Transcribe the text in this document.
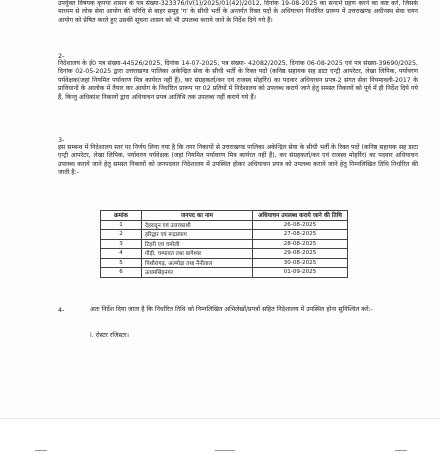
उपर्युक्त विषयक कृपया शासन के पत्र संख्या-323376/IV(1)/2025/01(42)/2012, दिनांक 19-08-2025 का सन्दर्भ ग्रहण करने का कष्ट करें, जिसके माध्यम से लोक सेवा आयोग की परिधि से बाहर समूह 'ग' के सीधी भर्ती के अन्तर्गत रिक्त पदों के अधियाचन निर्धारित प्रारूप में उत्तराखण्ड अधीनस्थ सेवा चयन आयोग को प्रेषित करते हुए उसकी सूचना शासन को भी उपलब्ध कराये जाने के निर्देश दिये गये हैं।
2-
निदेशालय के ई0 पत्र संख्या-44526/2025, दिनांक 14-07-2025, पत्र संख्या- 42082/2025, दिनांक 06-08-2025 एवं पत्र संख्या-39690/2025, दिनांक 02-05-2025 द्वारा उत्तराखण्ड पालिका अकेन्द्रित सेवा के सीधी भर्ती के रिक्त पदों (कनिष्ठ सहायक सह डाटा एन्ट्री आपरेटर, लेखा लिपिक, पर्यावरण पर्यवेक्षक(जहां नियमित पर्यावरण मित्र कार्यरत नहीं हैं), कर संग्रहकर्ता/कर एवं राजस्व मोहर्रिर) का पदवार अधियाचन प्रपत्र-2 संगत सेवा नियमावली-2017 के प्राविधानों के आलोक में तैयार कर आयोग के निर्धारित प्रारूप पर 02 प्रतियों में निदेशालय को उपलब्ध कराये जाने हेतु समस्त निकायों को पूर्व में ही निर्देश दिये गये हैं, किन्तु अधिकांश निकायों द्वारा अधियाचन प्रपत्र आतिथि तक उपलब्ध नहीं कराये गये हैं।
3-
इस सम्बन्ध में निदेशालय स्तर पर निर्णय लिया गया है कि नगर निकायों से उत्तराखण्ड पालिका अकेन्द्रित सेवा के सीधी भर्ती के रिक्त पदों (कनिष्ठ सहायक सह डाटा एन्ट्री आपरेटर, लेखा लिपिक, पर्यावरण पर्यवेक्षक (जहां नियमित पर्यावरण मित्र कार्यरत नहीं हैं), कर संग्रहकर्ता/कर एवं राजस्व मोहर्रिर) का पदवार अधियाचन उपलब्ध कराये जाने हेतु समस्त निकायों को जनपदवार निदेशालय में उपस्थित होकर अधियाचन प्रपत्र को उपलब्ध कराये जाने हेतु निम्नलिखित तिथि निर्धारित की जाती है:-
क्रमांक	जनपद का नाम	अधियाचन उपलब्ध कराये जाने की तिथि
1	देहरादून एवं उत्तरकाशी	26-08-2025
2	हरिद्वार एवं रूद्रप्रयाग	27-08-2025
3	टिहरी एवं चमोली	28-08-2025
4	पौड़ी, चम्पावत तथा बागेश्वर	29-08-2025
5	पिथौरागढ़, अल्मोड़ा तथा नैनीताल	30-08-2025
6	ऊधमसिंहनगर	01-09-2025
4-	अतः निर्देश दिया जाता है कि निर्धारित तिथि को निम्नलिखित अभिलेखों/प्रपत्रों सहित निदेशालय में उपस्थित होना सुनिश्चित करें:-
i. रोस्टर रजिस्टर।
